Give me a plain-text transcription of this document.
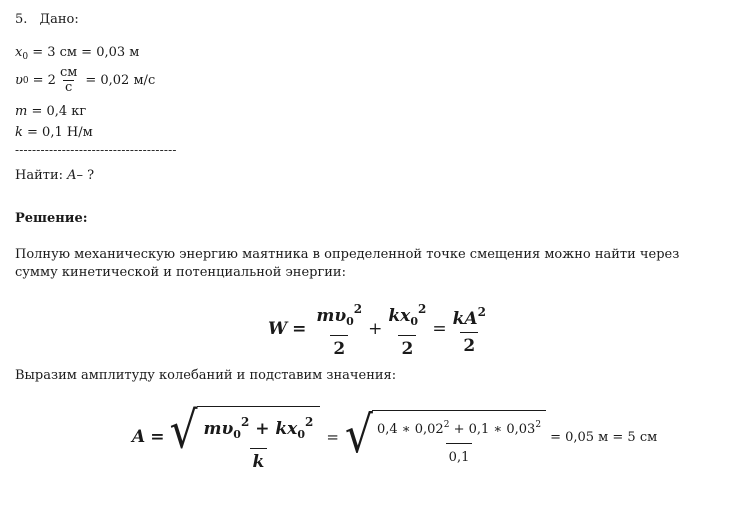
5. Дано:
$x_0 = 3$ см = 0,03 м
υ $0 = 2 \frac{см}{с} = 0,02$ м/с
m = 0,4 кг
k = 0,1 Н/м
--------------------------------------
Найти: A– ?
Решение:
Полную механическую энергию маятника в определенной точке смещения можно найти через
сумму кинетической и потенциальной энергии:
$W = \frac{m\upsilon_0^2}{2} + \frac{kx_0^2}{2} = \frac{kA^2}{2}$
Выразим амплитуду колебаний и подставим значения:
A = √ $\frac{m\upsilon_0^2 + kx_0^2}{k}$ = √ $\frac{0,4 ∗ 0,02^2 + 0,1 ∗ 0,03^2}{0,1} = 0,05$ м = 5 см
